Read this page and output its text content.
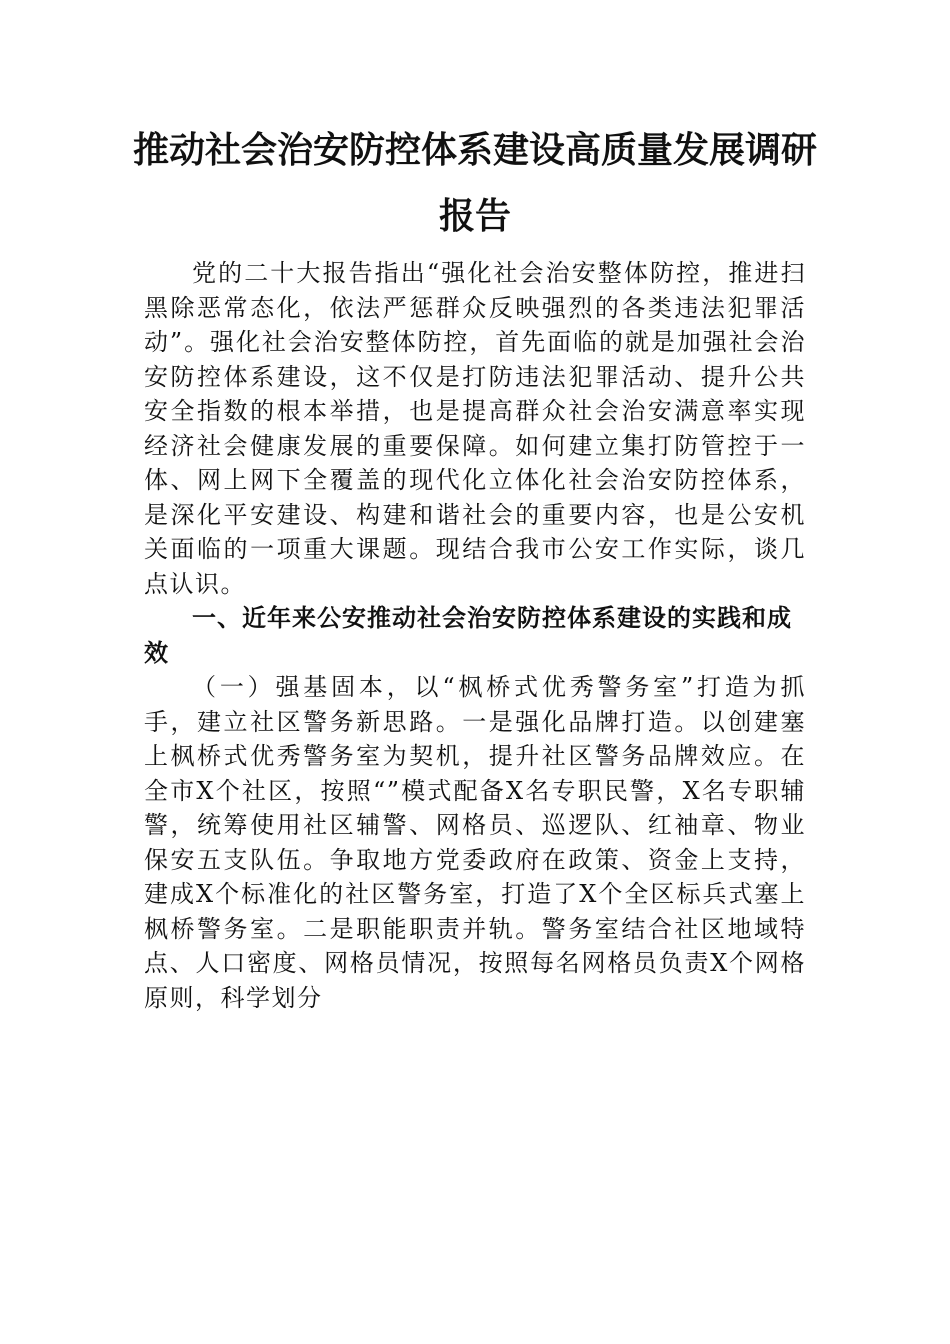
推动社会治安防控体系建设高质量发展调研报告

党的二十大报告指出“强化社会治安整体防控，推进扫黑除恶常态化，依法严惩群众反映强烈的各类违法犯罪活动”。强化社会治安整体防控，首先面临的就是加强社会治安防控体系建设，这不仅是打防违法犯罪活动、提升公共安全指数的根本举措，也是提高群众社会治安满意率实现经济社会健康发展的重要保障。如何建立集打防管控于一体、网上网下全覆盖的现代化立体化社会治安防控体系，是深化平安建设、构建和谐社会的重要内容，也是公安机关面临的一项重大课题。现结合我市公安工作实际，谈几点认识。

一、近年来公安推动社会治安防控体系建设的实践和成效

（一）强基固本，以“枫桥式优秀警务室”打造为抓手，建立社区警务新思路。一是强化品牌打造。以创建塞上枫桥式优秀警务室为契机，提升社区警务品牌效应。在全市X个社区，按照“”模式配备X名专职民警，X名专职辅警，统筹使用社区辅警、网格员、巡逻队、红袖章、物业保安五支队伍。争取地方党委政府在政策、资金上支持，建成X个标准化的社区警务室，打造了X个全区标兵式塞上枫桥警务室。二是职能职责并轨。警务室结合社区地域特点、人口密度、网格员情况，按照每名网格员负责X个网格原则，科学划分
